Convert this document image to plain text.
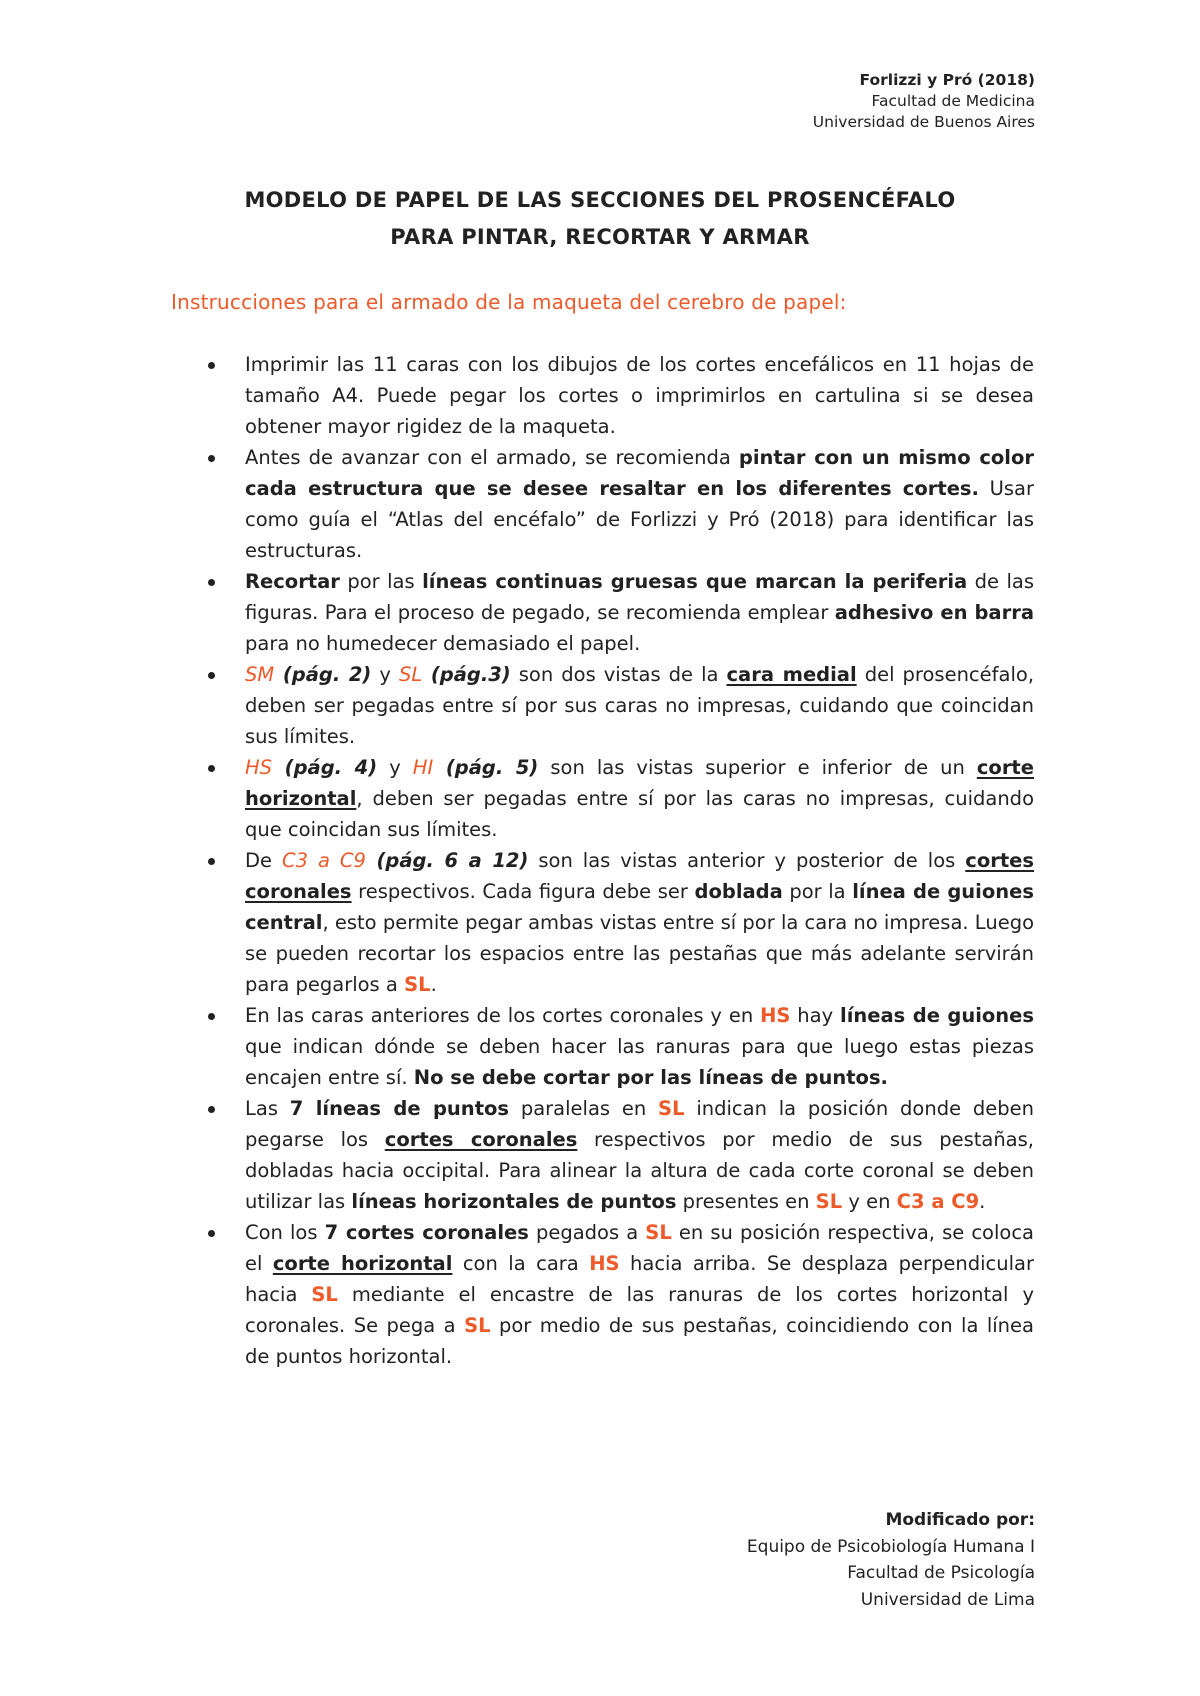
Forlizzi y Pró (2018)
Facultad de Medicina
Universidad de Buenos Aires
MODELO DE PAPEL DE LAS SECCIONES DEL PROSENCÉFALO
PARA PINTAR, RECORTAR Y ARMAR
Instrucciones para el armado de la maqueta del cerebro de papel:
Imprimir las 11 caras con los dibujos de los cortes encefálicos en 11 hojas de tamaño A4. Puede pegar los cortes o imprimirlos en cartulina si se desea obtener mayor rigidez de la maqueta.
Antes de avanzar con el armado, se recomienda pintar con un mismo color cada estructura que se desee resaltar en los diferentes cortes. Usar como guía el “Atlas del encéfalo” de Forlizzi y Pró (2018) para identificar las estructuras.
Recortar por las líneas continuas gruesas que marcan la periferia de las figuras. Para el proceso de pegado, se recomienda emplear adhesivo en barra para no humedecer demasiado el papel.
SM (pág. 2) y SL (pág.3) son dos vistas de la cara medial del prosencéfalo, deben ser pegadas entre sí por sus caras no impresas, cuidando que coincidan sus límites.
HS (pág. 4) y HI (pág. 5) son las vistas superior e inferior de un corte horizontal, deben ser pegadas entre sí por las caras no impresas, cuidando que coincidan sus límites.
De C3 a C9 (pág. 6 a 12) son las vistas anterior y posterior de los cortes coronales respectivos. Cada figura debe ser doblada por la línea de guiones central, esto permite pegar ambas vistas entre sí por la cara no impresa. Luego se pueden recortar los espacios entre las pestañas que más adelante servirán para pegarlos a SL.
En las caras anteriores de los cortes coronales y en HS hay líneas de guiones que indican dónde se deben hacer las ranuras para que luego estas piezas encajen entre sí. No se debe cortar por las líneas de puntos.
Las 7 líneas de puntos paralelas en SL indican la posición donde deben pegarse los cortes coronales respectivos por medio de sus pestañas, dobladas hacia occipital. Para alinear la altura de cada corte coronal se deben utilizar las líneas horizontales de puntos presentes en SL y en C3 a C9.
Con los 7 cortes coronales pegados a SL en su posición respectiva, se coloca el corte horizontal con la cara HS hacia arriba. Se desplaza perpendicular hacia SL mediante el encastre de las ranuras de los cortes horizontal y coronales. Se pega a SL por medio de sus pestañas, coincidiendo con la línea de puntos horizontal.
Modificado por:
Equipo de Psicobiología Humana I
Facultad de Psicología
Universidad de Lima
